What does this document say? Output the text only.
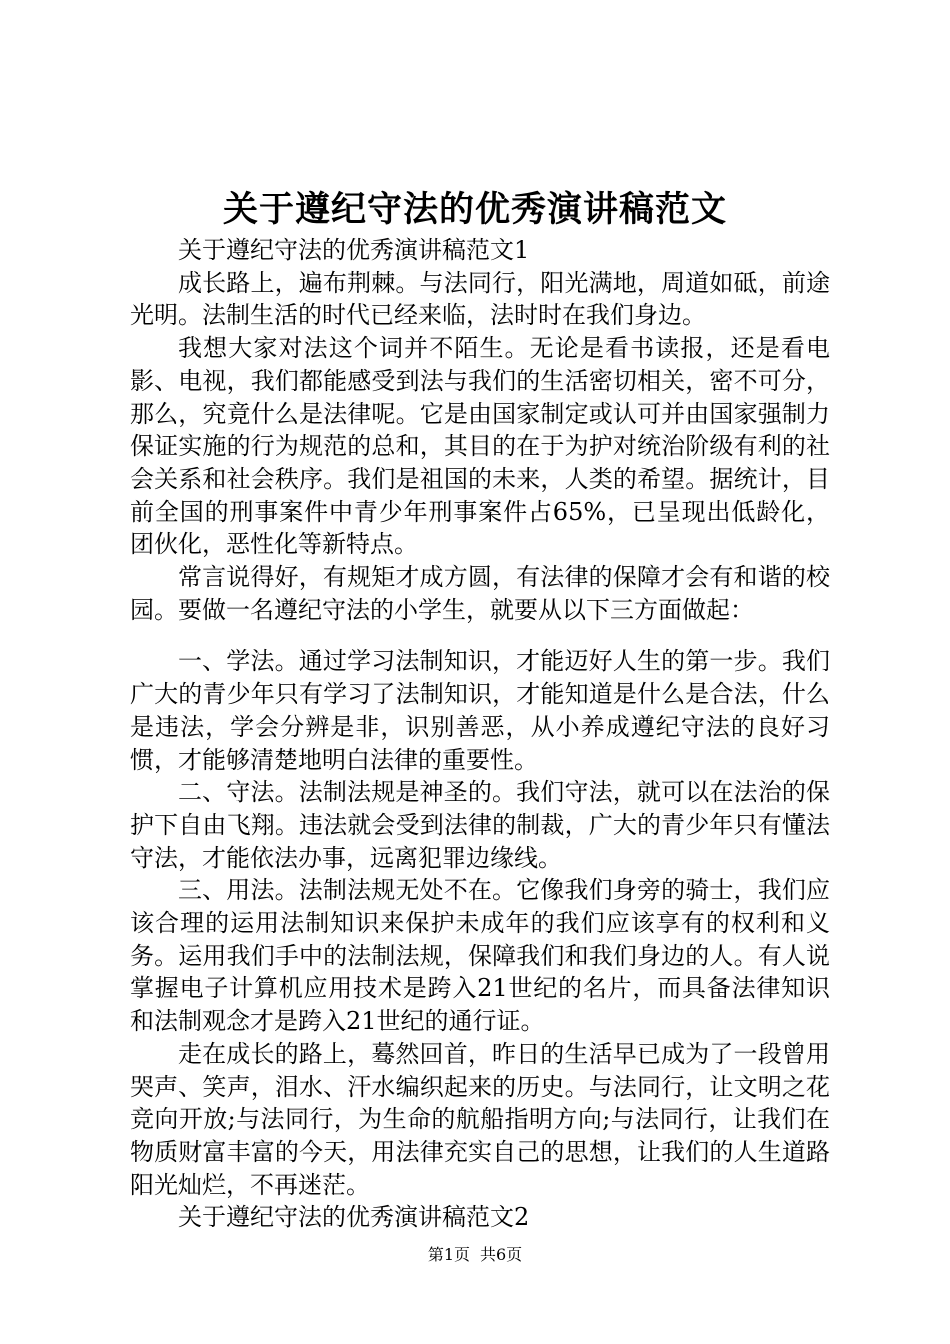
关于遵纪守法的优秀演讲稿范文

关于遵纪守法的优秀演讲稿范文1

成长路上，遍布荆棘。与法同行，阳光满地，周道如砥，前途光明。法制生活的时代已经来临，法时时在我们身边。

我想大家对法这个词并不陌生。无论是看书读报，还是看电影、电视，我们都能感受到法与我们的生活密切相关，密不可分，那么，究竟什么是法律呢。它是由国家制定或认可并由国家强制力保证实施的行为规范的总和，其目的在于为护对统治阶级有利的社会关系和社会秩序。我们是祖国的未来，人类的希望。据统计，目前全国的刑事案件中青少年刑事案件占65%，已呈现出低龄化，团伙化，恶性化等新特点。

常言说得好，有规矩才成方圆，有法律的保障才会有和谐的校园。要做一名遵纪守法的小学生，就要从以下三方面做起：

一、学法。通过学习法制知识，才能迈好人生的第一步。我们广大的青少年只有学习了法制知识，才能知道是什么是合法，什么是违法，学会分辨是非，识别善恶，从小养成遵纪守法的良好习惯，才能够清楚地明白法律的重要性。

二、守法。法制法规是神圣的。我们守法，就可以在法治的保护下自由飞翔。违法就会受到法律的制裁，广大的青少年只有懂法守法，才能依法办事，远离犯罪边缘线。

三、用法。法制法规无处不在。它像我们身旁的骑士，我们应该合理的运用法制知识来保护未成年的我们应该享有的权利和义务。运用我们手中的法制法规，保障我们和我们身边的人。有人说掌握电子计算机应用技术是跨入21世纪的名片，而具备法律知识和法制观念才是跨入21世纪的通行证。

走在成长的路上，蓦然回首，昨日的生活早已成为了一段曾用哭声、笑声，泪水、汗水编织起来的历史。与法同行，让文明之花竞向开放;与法同行，为生命的航船指明方向;与法同行，让我们在物质财富丰富的今天，用法律充实自己的思想，让我们的人生道路阳光灿烂，不再迷茫。

关于遵纪守法的优秀演讲稿范文2

第1页 共6页
